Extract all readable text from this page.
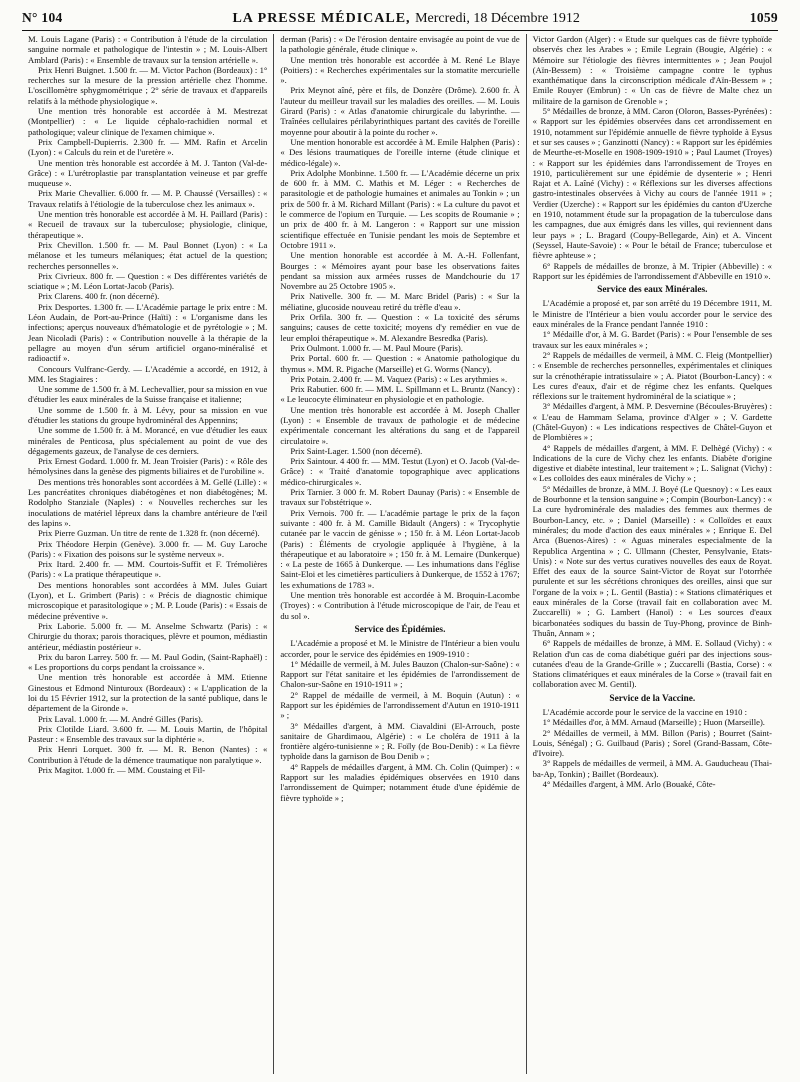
N° 104	LA PRESSE MÉDICALE, Mercredi, 18 Décembre 1912	1059

M. Louis Lagane (Paris) : « Contribution à l'étude de la circulation sanguine normale et pathologique de l'intestin » ; M. Louis-Albert Amblard (Paris) : « Ensemble de travaux sur la tension artérielle ».

Prix Henri Buignet. 1.500 fr. — M. Victor Pachon (Bordeaux) : 1° recherches sur la mesure de la pression artérielle chez l'homme. L'oscillomètre sphygmométrique ; 2° série de travaux et d'appareils relatifs à la méthode physiologique ».

Une mention très honorable est accordée à M. Mestrezat (Montpellier) : « Le liquide céphalo-rachidien normal et pathologique; valeur clinique de l'examen chimique ».

Prix Campbell-Dupierris. 2.300 fr. — MM. Rafin et Arcelin (Lyon) : « Calculs du rein et de l'uretère ».

Une mention très honorable est accordée à M. J. Tanton (Val-de-Grâce) : « L'urétroplastie par transplantation veineuse et par greffe muqueuse ».

Prix Marie Chevallier. 6.000 fr. — M. P. Chaussé (Versailles) : « Travaux relatifs à l'étiologie de la tuberculose chez les animaux ».

Une mention très honorable est accordée à M. H. Paillard (Paris) : « Recueil de travaux sur la tuberculose; physiologie, clinique, thérapeutique ».

Prix Chevillon. 1.500 fr. — M. Paul Bonnet (Lyon) : « La mélanose et les tumeurs mélaniques; état actuel de la question; recherches personnelles ».

Prix Civrieux. 800 fr. — Question : « Des différentes variétés de sciatique » ; M. Léon Lortat-Jacob (Paris).

Prix Clarens. 400 fr. (non décerné).

Prix Desportes. 1.300 fr. — L'Académie partage le prix entre : M. Léon Audain, de Port-au-Prince (Haïti) : « L'organisme dans les infections; aperçus nouveaux d'hématologie et de pyrétologie » ; M. Jean Nicoladi (Paris) : « Contribution nouvelle à la thérapie de la pellagre au moyen d'un sérum artificiel organo-minéralisé et radioactif ».

Concours Vulfranc-Gerdy. — L'Académie a accordé, en 1912, à MM. les Stagiaires :

Une somme de 1.500 fr. à M. Lechevallier, pour sa mission en vue d'étudier les eaux minérales de la Suisse française et italienne;

Une somme de 1.500 fr. à M. Lévy, pour sa mission en vue d'étudier les stations du groupe hydrominéral des Appennins;

Une somme de 1.500 fr. à M. Morancé, en vue d'étudier les eaux minérales de Penticosa, plus spécialement au point de vue des dégagements gazeux, de l'analyse de ces derniers.

Prix Ernest Godard. 1.000 fr. M. Jean Troisier (Paris) : « Rôle des hémolysines dans la genèse des pigments biliaires et de l'urobiline ».

Des mentions très honorables sont accordées à M. Gellé (Lille) : « Les pancréatites chroniques diabétogènes et non diabétogènes; M. Rodolpho Stanziale (Naples) : « Nouvelles recherches sur les inoculations de matériel lépreux dans la chambre antérieure de l'œil des lapins ».

Prix Pierre Guzman. Un titre de rente de 1.328 fr. (non décerné).

Prix Théodore Herpin (Genève). 3.000 fr. — M. Guy Laroche (Paris) : « Fixation des poisons sur le système nerveux ».

Prix Itard. 2.400 fr. — MM. Courtois-Suffit et F. Trémolières (Paris) : « La pratique thérapeutique ».

Des mentions honorables sont accordées à MM. Jules Guiart (Lyon), et L. Grimbert (Paris) : « Précis de diagnostic chimique microscopique et parasitologique » ; M. P. Loude (Paris) : « Essais de médecine préventive ».

Prix Laborie. 5.000 fr. — M. Anselme Schwartz (Paris) : « Chirurgie du thorax; parois thoraciques, plèvre et poumon, médiastin antérieur, médiastin postérieur ».

Prix du baron Larrey. 500 fr. — M. Paul Godin, (Saint-Raphaël) : « Les proportions du corps pendant la croissance ».

Une mention très honorable est accordée à MM. Etienne Ginestous et Edmond Ninturoux (Bordeaux) : « L'application de la loi du 15 Février 1912, sur la protection de la santé publique, dans le département de la Gironde ».

Prix Laval. 1.000 fr. — M. André Gilles (Paris).

Prix Clotilde Liard. 3.600 fr. — M. Louis Martin, de l'hôpital Pasteur : « Ensemble des travaux sur la diphtérie ».

Prix Henri Lorquet. 300 fr. — M. R. Benon (Nantes) : « Contribution à l'étude de la démence traumatique non paralytique ».

Prix Magitot. 1.000 fr. — MM. Coustaing et Fil-

derman (Paris) : « De l'érosion dentaire envisagée au point de vue de la pathologie générale, étude clinique ».

Une mention très honorable est accordée à M. René Le Blaye (Poitiers) : « Recherches expérimentales sur la stomatite mercurielle ».

Prix Meynot aîné, père et fils, de Donzère (Drôme). 2.600 fr. À l'auteur du meilleur travail sur les maladies des oreilles. — M. Louis Girard (Paris) : « Atlas d'anatomie chirurgicale du labyrinthe. — Traînées cellulaires périlabyrinthiques partant des cavités de l'oreille moyenne pour aboutir à la pointe du rocher ».

Une mention honorable est accordée à M. Emile Halphen (Paris) : « Des lésions traumatiques de l'oreille interne (étude clinique et médico-légale) ».

Prix Adolphe Monbinne. 1.500 fr. — L'Académie décerne un prix de 600 fr. à MM. C. Mathis et M. Léger : « Recherches de parasitologie et de pathologie humaines et animales au Tonkin » ; un prix de 500 fr. à M. Richard Millant (Paris) : « La culture du pavot et le commerce de l'opium en Turquie. — Les scopits de Roumanie » ; un prix de 400 fr. à M. Langeron : « Rapport sur une mission scientifique effectuée en Tunisie pendant les mois de Septembre et Octobre 1911 ».

Une mention honorable est accordée à M. A.-H. Follenfant, Bourges : « Mémoires ayant pour base les observations faites pendant sa mission aux armées russes de Mandchourie du 17 Novembre au 25 Octobre 1905 ».

Prix Nativelle. 300 fr. — M. Marc Bridel (Paris) : « Sur la méliatine, glucoside nouveau retiré du trèfle d'eau ».

Prix Orfila. 300 fr. — Question : « La toxicité des sérums sanguins; causes de cette toxicité; moyens d'y remédier en vue de leur emploi thérapeutique ». M. Alexandre Besredka (Paris).

Prix Oulmont. 1.000 fr. — M. Paul Moure (Paris).

Prix Portal. 600 fr. — Question : « Anatomie pathologique du thymus ». MM. R. Pigache (Marseille) et G. Worms (Nancy).

Prix Potain. 2.400 fr. — M. Vaquez (Paris) : « Les arythmies ».

Prix Rabutier. 600 fr. — MM. L. Spillmann et L. Bruntz (Nancy) : « Le leucocyte éliminateur en physiologie et en pathologie.

Une mention très honorable est accordée à M. Joseph Challer (Lyon) : « Ensemble de travaux de pathologie et de médecine expérimentale concernant les altérations du sang et de l'appareil circulatoire ».

Prix Saint-Lager. 1.500 (non décerné).

Prix Saintour. 4 400 fr. — MM. Testut (Lyon) et O. Jacob (Val-de-Grâce) : « Traité d'anatomie topographique avec applications médico-chirurgicales ».

Prix Tarnier. 3 000 fr. M. Robert Daunay (Paris) : « Ensemble de travaux sur l'obstétrique ».

Prix Vernois. 700 fr. — L'académie partage le prix de la façon suivante : 400 fr. à M. Camille Bidault (Angers) : « Trycophytie cutanée par le vaccin de génisse » ; 150 fr. à M. Léon Lortat-Jacob (Paris) : Éléments de cryologie appliquée à l'hygiène, à la thérapeutique et au laboratoire » ; 150 fr. à M. Lemaire (Dunkerque) : « La peste de 1665 à Dunkerque. — Les inhumations dans l'église Saint-Eloi et les cimetières particuliers à Dunkerque, de 1552 à 1767; les exhumations de 1783 ».

Une mention très honorable est accordée à M. Broquin-Lacombe (Troyes) : « Contribution à l'étude microscopique de l'air, de l'eau et du sol ».

Service des Épidémies.

L'Académie a proposé et M. le Ministre de l'Intérieur a bien voulu accorder, pour le service des épidémies en 1909-1910 :

1° Médaille de vermeil, à M. Jules Bauzon (Chalon-sur-Saône) : « Rapport sur l'état sanitaire et les épidémies de l'arrondissement de Chalon-sur-Saône en 1910-1911 » ;

2° Rappel de médaille de vermeil, à M. Boquin (Autun) : « Rapport sur les épidémies de l'arrondissement d'Autun en 1910-1911 » ;

3° Médailles d'argent, à MM. Ciavaldini (El-Arrouch, poste sanitaire de Ghardimaou, Algérie) : « Le choléra de 1911 à la frontière algéro-tunisienne » ; R. Foïly (de Bou-Denib) : « La fièvre typhoïde dans la garnison de Bou Denib » ;

4° Rappels de médailles d'argent, à MM. Ch. Colin (Quimper) : « Rapport sur les maladies épidémiques observées en 1910 dans l'arrondissement de Quimper; notamment étude d'une épidémie de fièvre typhoïde » ;

Victor Gardon (Alger) : « Etude sur quelques cas de fièvre typhoïde observés chez les Arabes » ; Emile Legrain (Bougie, Algérie) : « Mémoire sur l'étiologie des fièvres intermittentes » ; Jean Poujol (Aïn-Bessem) : « Troisième campagne contre le typhus exanthématique dans la circonscription médicale d'Aïn-Bessem » ; Emile Rouyer (Embrun) : « Un cas de fièvre de Malte chez un militaire de la garnison de Grenoble » ;

5° Médailles de bronze, à MM. Caron (Oloron, Basses-Pyrénées) : « Rapport sur les épidémies observées dans cet arrondissement en 1910, notamment sur l'épidémie annuelle de fièvre typhoïde à Eysus et sur ses causes » ; Ganzinotti (Nancy) : « Rapport sur les épidémies de Meurthe-et-Moselle en 1908-1909-1910 » ; Paul Laumet (Troyes) : « Rapport sur les épidémies dans l'arrondissement de Troyes en 1910, particulièrement sur une épidémie de dysenterie » ; Henri Rajat et A. Laîné (Vichy) : « Réflexions sur les diverses affections gastro-intestinales observées à Vichy au cours de l'année 1911 » ; Verdier (Uzerche) : « Rapport sur les épidémies du canton d'Uzerche en 1910, notamment étude sur la propagation de la tuberculose dans les campagnes, due aux émigrés dans les villes, qui reviennent dans leur pays » ; L. Bragard (Coupy-Bellegarde, Ain) et A. Vincent (Seyssel, Haute-Savoie) : « Pour le bétail de France; tuberculose et fièvre aphteuse » ;

6° Rappels de médailles de bronze, à M. Tripier (Abbeville) : « Rapport sur les épidémies de l'arrondissement d'Abbeville en 1910 ».

Service des eaux Minérales.

L'Académie a proposé et, par son arrêté du 19 Décembre 1911, M. le Ministre de l'Intérieur a bien voulu accorder pour le service des eaux minérales de la France pendant l'année 1910 :

1° Médaille d'or, à M. G. Bardet (Paris) : « Pour l'ensemble de ses travaux sur les eaux minérales » ;

2° Rappels de médailles de vermeil, à MM. C. Fleig (Montpellier) : « Ensemble de recherches personnelles, expérimentales et cliniques sur la crénothérapie intratissulaire » ; A. Piatot (Bourbon-Lancy) : « Les cures d'eaux, d'air et de régime chez les enfants. Quelques réflexions sur le traitement hydrominéral de la sciatique » ;

3° Médailles d'argent, à MM. P. Desvernine (Bécoules-Bruyères) : « L'eau de Hammam Selama, province d'Alger » ; V. Gardette (Châtel-Guyon) : « Les indications respectives de Châtel-Guyon et de Plombières » ;

4° Rappels de médailles d'argent, à MM. F. Delhègé (Vichy) : « Indications de la cure de Vichy chez les enfants. Diabète d'origine digestive et diabète intestinal, leur traitement » ; L. Salignat (Vichy) : « Les colloïdes des eaux minérales de Vichy » ;

5° Médailles de bronze, à MM. J. Boyé (Le Quesnoy) : « Les eaux de Bourbonne et la tension sanguine » ; Compin (Bourbon-Lancy) : « La cure hydrominérale des maladies des femmes aux thermes de Bourbon-Lancy, etc. » ; Daniel (Marseille) : « Colloïdes et eaux minérales; du mode d'action des eaux minérales » ; Enrique E. Del Arca (Buenos-Aires) : « Aguas minerales especialmente de la Republica Argentina » ; C. Ullmann (Chester, Pensylvanie, Etats-Unis) : « Note sur des vertus curatives nouvelles des eaux de Royat. Effet des eaux de la source Saint-Victor de Royat sur l'otorrhée purulente et sur les sécrétions chroniques des oreilles, ainsi que sur l'organe de la voix » ; L. Gentil (Bastia) : « Stations climatériques et eaux minérales de la Corse (travail fait en collaboration avec M. Zuccarelli) » ; G. Lambert (Hanoï) : « Les sources d'eaux bicarbonatées sodiques du bassin de Tuy-Phong, province de Binh-Thuân, Annam » ;

6° Rappels de médailles de bronze, à MM. E. Sollaud (Vichy) : « Relation d'un cas de coma diabétique guéri par des injections sous-cutanées d'eau de la Grande-Grille » ; Zuccarelli (Bastia, Corse) : « Stations climatériques et eaux minérales de la Corse » (travail fait en collaboration avec M. Gentil).

Service de la Vaccine.

L'Académie accorde pour le service de la vaccine en 1910 :

1° Médailles d'or, à MM. Arnaud (Marseille) ; Huon (Marseille).

2° Médailles de vermeil, à MM. Billon (Paris) ; Bourret (Saint-Louis, Sénégal) ; G. Guilbaud (Paris) ; Sorel (Grand-Bassam, Côte-d'Ivoire).

3° Rappels de médailles de vermeil, à MM. A. Gauducheau (Thai-ba-Ap, Tonkin) ; Baillet (Bordeaux).

4° Médailles d'argent, à MM. Arlo (Bouaké, Côte-
